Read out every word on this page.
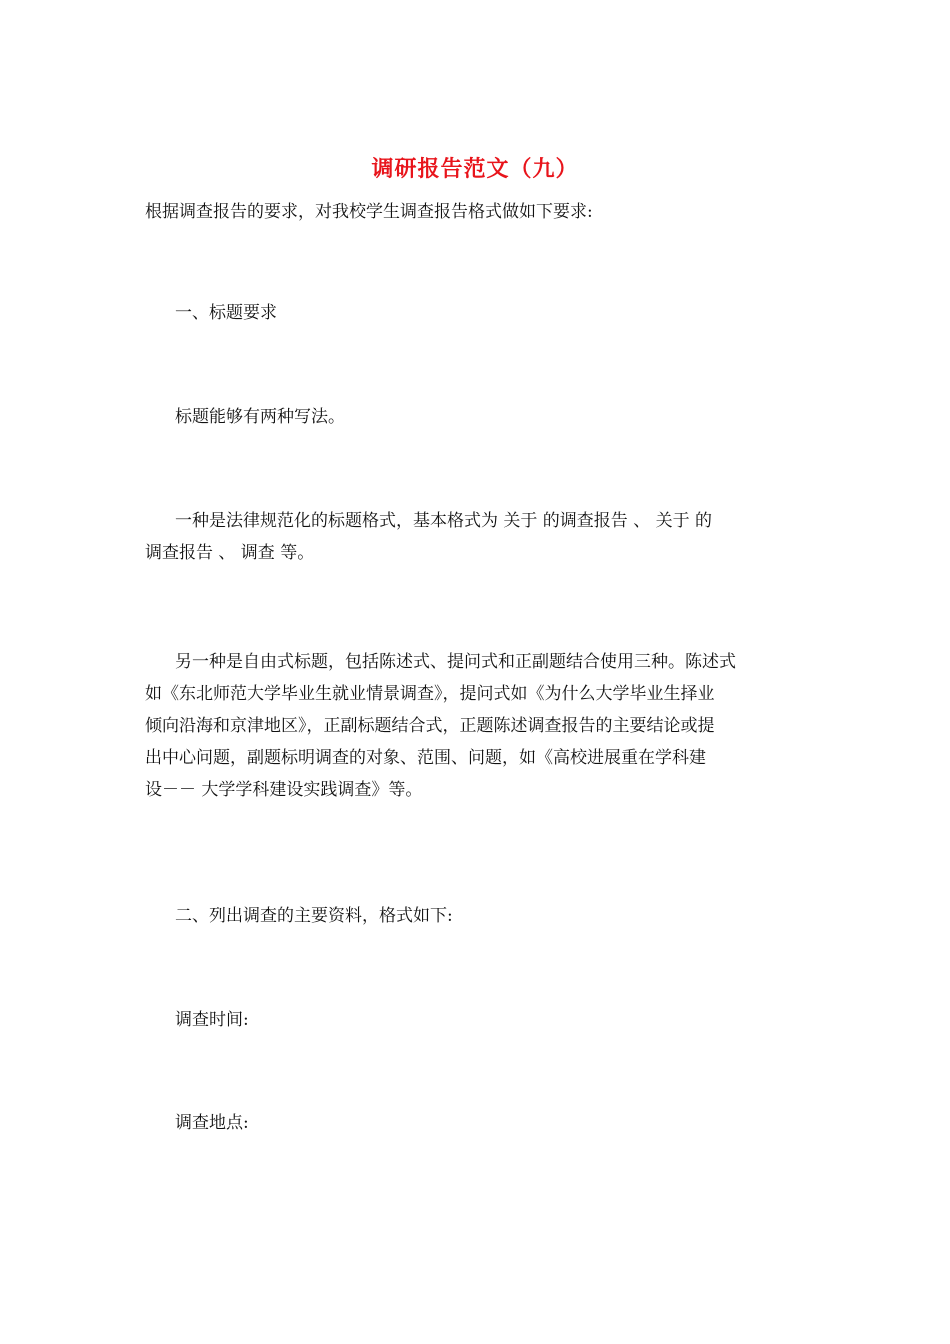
调研报告范文（九）

根据调查报告的要求，对我校学生调查报告格式做如下要求:

一、标题要求

标题能够有两种写法。

一种是法律规范化的标题格式，基本格式为 关于 的调查报告 、 关于 的
调查报告 、 调查 等。
另一种是自由式标题，包括陈述式、提问式和正副题结合使用三种。陈述式
如《东北师范大学毕业生就业情景调查》，提问式如《为什么大学毕业生择业
倾向沿海和京津地区》，正副标题结合式，正题陈述调查报告的主要结论或提
出中心问题，副题标明调查的对象、范围、问题，如《高校进展重在学科建
设－－ 大学学科建设实践调查》等。

二、列出调查的主要资料，格式如下:

调查时间:

调查地点:
